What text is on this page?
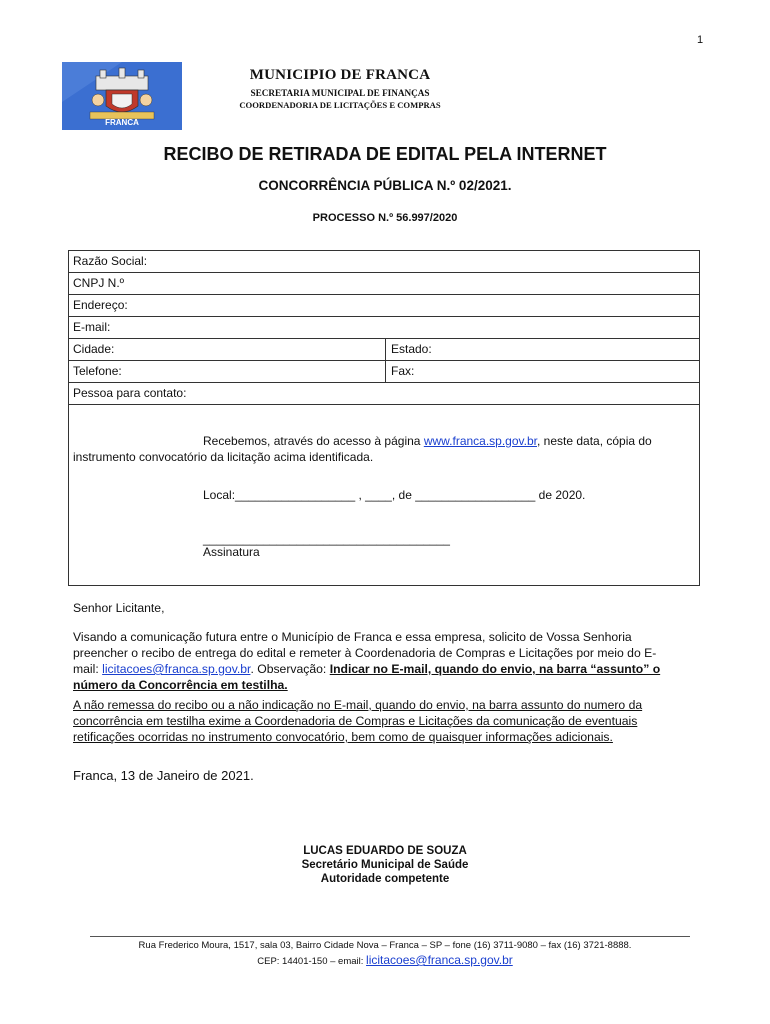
1
FRANCA
MUNICIPIO DE FRANCA
SECRETARIA MUNICIPAL DE FINANÇAS
COORDENADORIA DE LICITAÇÕES E COMPRAS
RECIBO DE RETIRADA DE EDITAL PELA INTERNET
CONCORRÊNCIA PÚBLICA N.º 02/2021.
PROCESSO N.º 56.997/2020
Razão Social:
CNPJ N.º
Endereço:
E-mail:
Cidade:	Estado:
Telefone:	Fax:
Pessoa para contato:
Recebemos, através do acesso à página www.franca.sp.gov.br, neste data, cópia do
instrumento convocatório da licitação acima identificada.
Local:__________________ , ____, de __________________ de 2020.
_____________________________________
Assinatura
Senhor Licitante,
Visando a comunicação futura entre o Município de Franca e essa empresa, solicito de Vossa Senhoria
preencher o recibo de entrega do edital e remeter à Coordenadoria de Compras e Licitações por meio do E-
mail: licitacoes@franca.sp.gov.br. Observação: Indicar no E-mail, quando do envio, na barra “assunto” o
número da Concorrência em testilha.
A não remessa do recibo ou a não indicação no E-mail, quando do envio, na barra assunto do numero da
concorrência em testilha exime a Coordenadoria de Compras e Licitações da comunicação de eventuais
retificações ocorridas no instrumento convocatório, bem como de quaisquer informações adicionais.
Franca, 13 de Janeiro de 2021.
LUCAS EDUARDO DE SOUZA
Secretário Municipal de Saúde
Autoridade competente
Rua Frederico Moura, 1517, sala 03, Bairro Cidade Nova – Franca – SP – fone (16) 3711-9080 – fax (16) 3721-8888.
CEP: 14401-150 – email: licitacoes@franca.sp.gov.br
